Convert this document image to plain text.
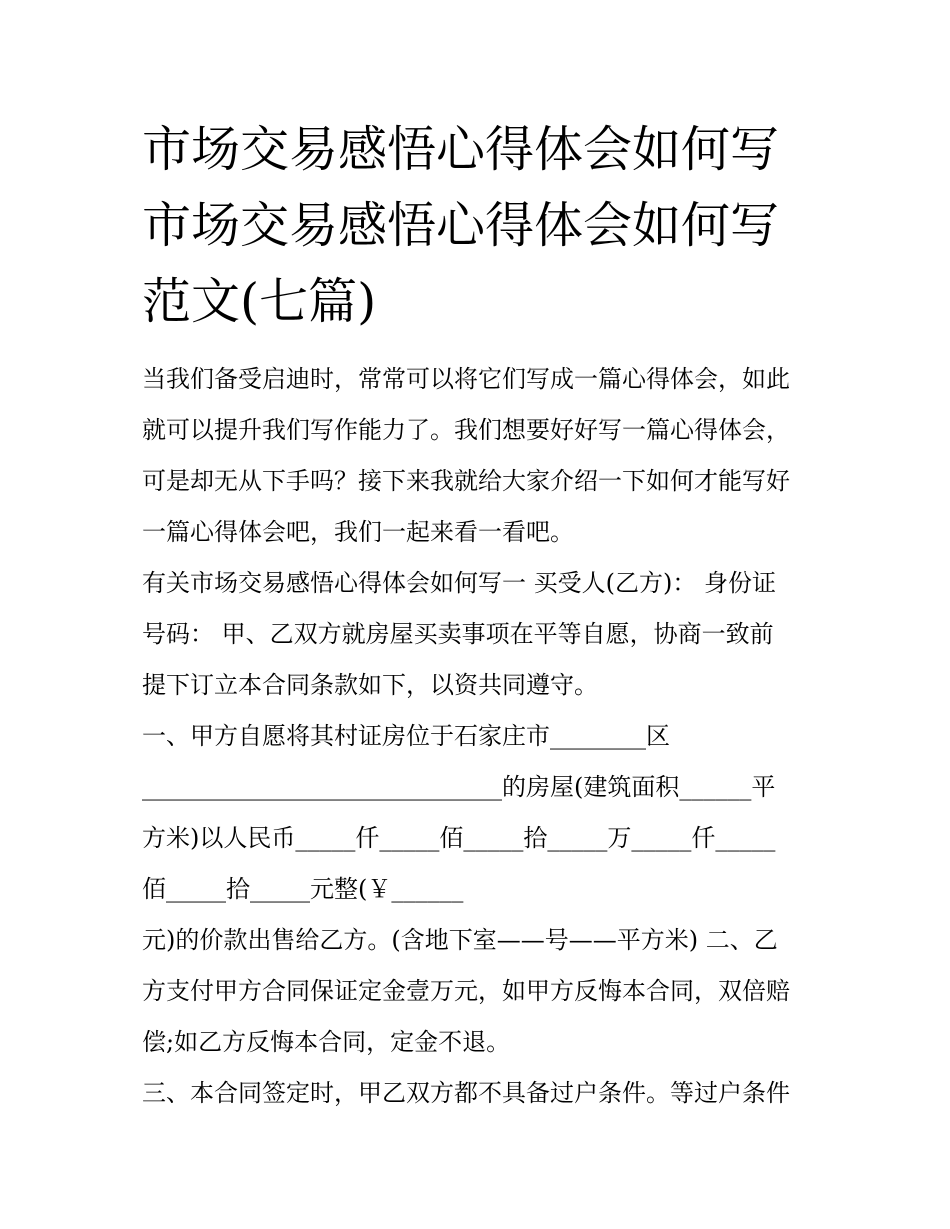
市场交易感悟心得体会如何写
市场交易感悟心得体会如何写
范文(七篇)

当我们备受启迪时，常常可以将它们写成一篇心得体会，如此
就可以提升我们写作能力了。我们想要好好写一篇心得体会，
可是却无从下手吗？接下来我就给大家介绍一下如何才能写好
一篇心得体会吧，我们一起来看一看吧。

有关市场交易感悟心得体会如何写一 买受人(乙方)： 身份证
号码： 甲、乙双方就房屋买卖事项在平等自愿，协商一致前
提下订立本合同条款如下，以资共同遵守。

一、甲方自愿将其村证房位于石家庄市________区
______________________________的房屋(建筑面积______平
方米)以人民币_____仟_____佰_____拾_____万_____仟_____
佰_____拾_____元整(￥______

元)的价款出售给乙方。(含地下室——号——平方米) 二、乙
方支付甲方合同保证定金壹万元，如甲方反悔本合同，双倍赔
偿;如乙方反悔本合同，定金不退。

三、本合同签定时，甲乙双方都不具备过户条件。等过户条件
